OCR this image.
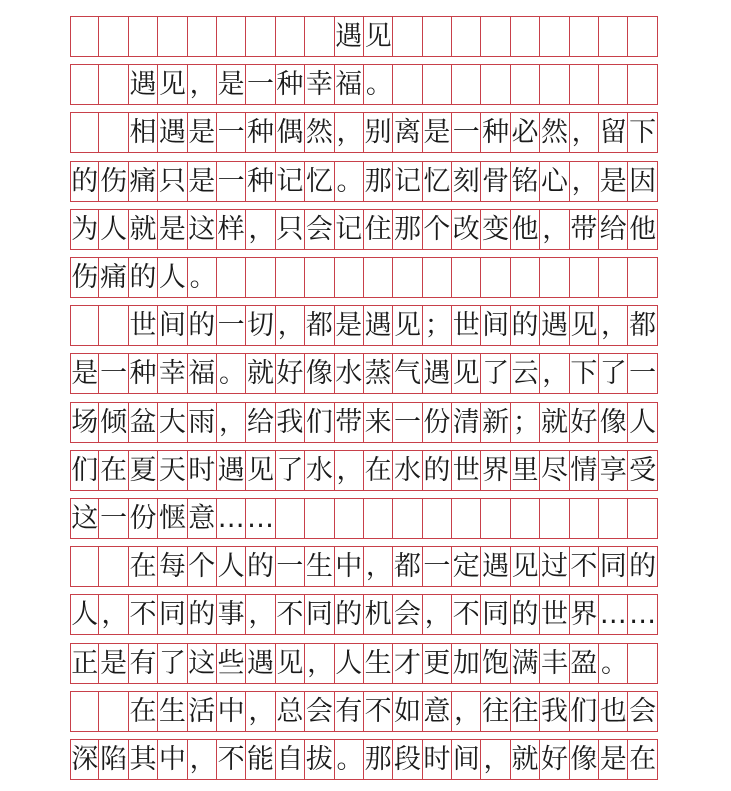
遇 见
遇 见 ， 是 一 种 幸 福 。
相 遇 是 一 种 偶 然 ， 别 离 是 一 种 必 然 ， 留 下
的 伤 痛 只 是 一 种 记 忆 。 那 记 忆 刻 骨 铭 心 ， 是 因
为 人 就 是 这 样 ， 只 会 记 住 那 个 改 变 他 ， 带 给 他
伤 痛 的 人 。
世 间 的 一 切 ， 都 是 遇 见 ； 世 间 的 遇 见 ， 都
是 一 种 幸 福 。 就 好 像 水 蒸 气 遇 见 了 云 ， 下 了 一
场 倾 盆 大 雨 ， 给 我 们 带 来 一 份 清 新 ； 就 好 像 人
们 在 夏 天 时 遇 见 了 水 ， 在 水 的 世 界 里 尽 情 享 受
这 一 份 惬 意 … …
在 每 个 人 的 一 生 中 ， 都 一 定 遇 见 过 不 同 的
人 ， 不 同 的 事 ， 不 同 的 机 会 ， 不 同 的 世 界 … …
正 是 有 了 这 些 遇 见 ， 人 生 才 更 加 饱 满 丰 盈 。
在 生 活 中 ， 总 会 有 不 如 意 ， 往 往 我 们 也 会
深 陷 其 中 ， 不 能 自 拔 。 那 段 时 间 ， 就 好 像 是 在
